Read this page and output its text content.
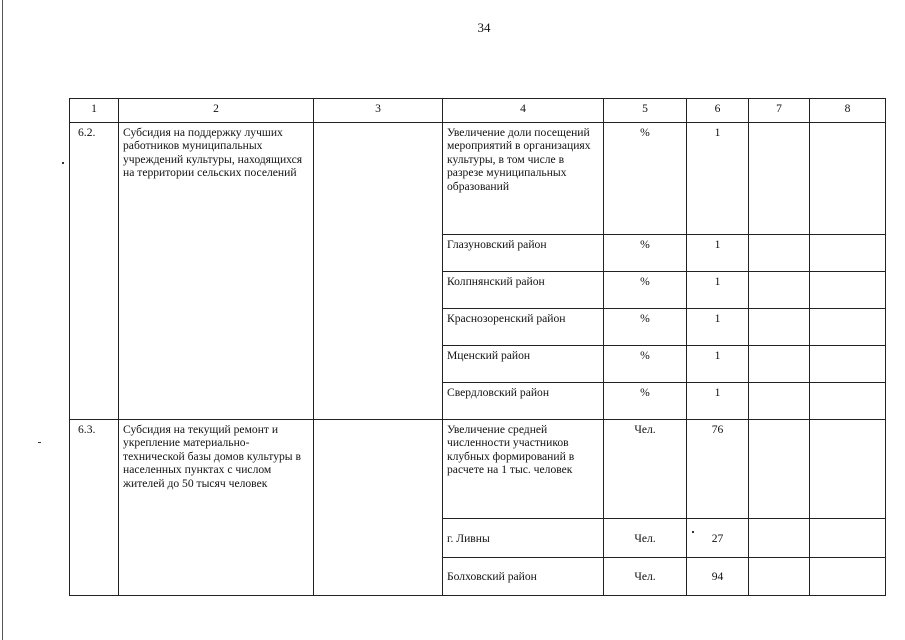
34
1	2	3	4	5	6	7	8
6.2.	Субсидия на поддержку лучших работников муниципальных учреждений культуры, находящихся на территории сельских поселений		Увеличение доли посещений мероприятий в организациях культуры, в том числе в разрезе муниципальных образований	%	1		
			Глазуновский район	%	1		
			Колпнянский район	%	1		
			Краснозоренский район	%	1		
			Мценский район	%	1		
			Свердловский район	%	1		
6.3.	Субсидия на текущий ремонт и укрепление материально-технической базы домов культуры в населенных пунктах с числом жителей до 50 тысяч человек		Увеличение средней численности участников клубных формирований в расчете на 1 тыс. человек	Чел.	76		
			г. Ливны	Чел.	27		
			Болховский район	Чел.	94		
